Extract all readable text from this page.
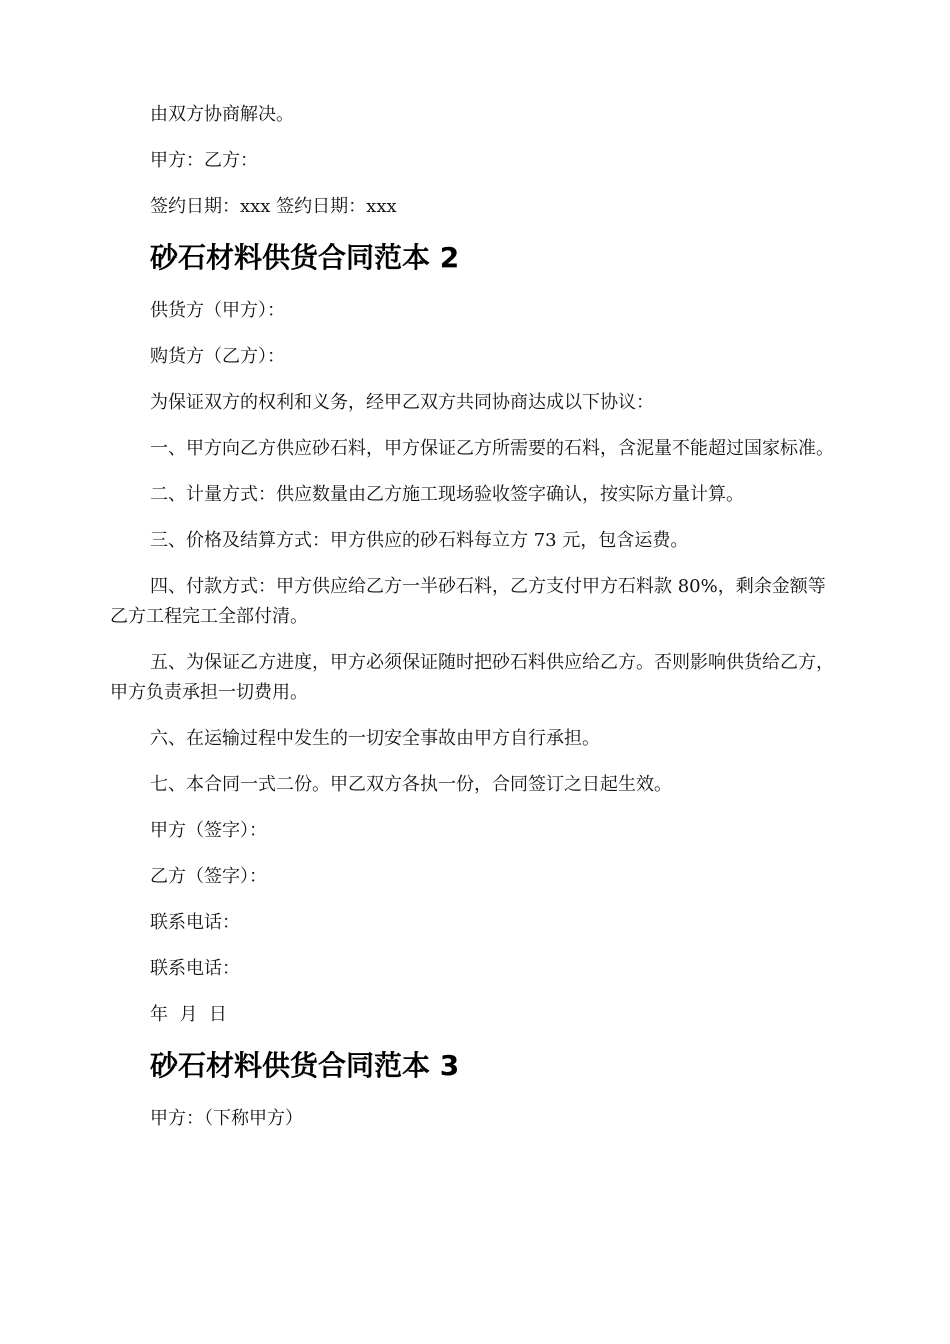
由双方协商解决。

甲方：乙方：

签约日期：xxx 签约日期：xxx

砂石材料供货合同范本 2

供货方（甲方）：

购货方（乙方）：

为保证双方的权利和义务，经甲乙双方共同协商达成以下协议：

一、甲方向乙方供应砂石料，甲方保证乙方所需要的石料，含泥量不能超过国家标准。

二、计量方式：供应数量由乙方施工现场验收签字确认，按实际方量计算。

三、价格及结算方式：甲方供应的砂石料每立方 73 元，包含运费。

四、付款方式：甲方供应给乙方一半砂石料，乙方支付甲方石料款 80%，剩余金额等乙方工程完工全部付清。

五、为保证乙方进度，甲方必须保证随时把砂石料供应给乙方。否则影响供货给乙方，甲方负责承担一切费用。

六、在运输过程中发生的一切安全事故由甲方自行承担。

七、本合同一式二份。甲乙双方各执一份，合同签订之日起生效。

甲方（签字）：

乙方（签字）：

联系电话：

联系电话：

年  月  日

砂石材料供货合同范本 3

甲方：（下称甲方）
